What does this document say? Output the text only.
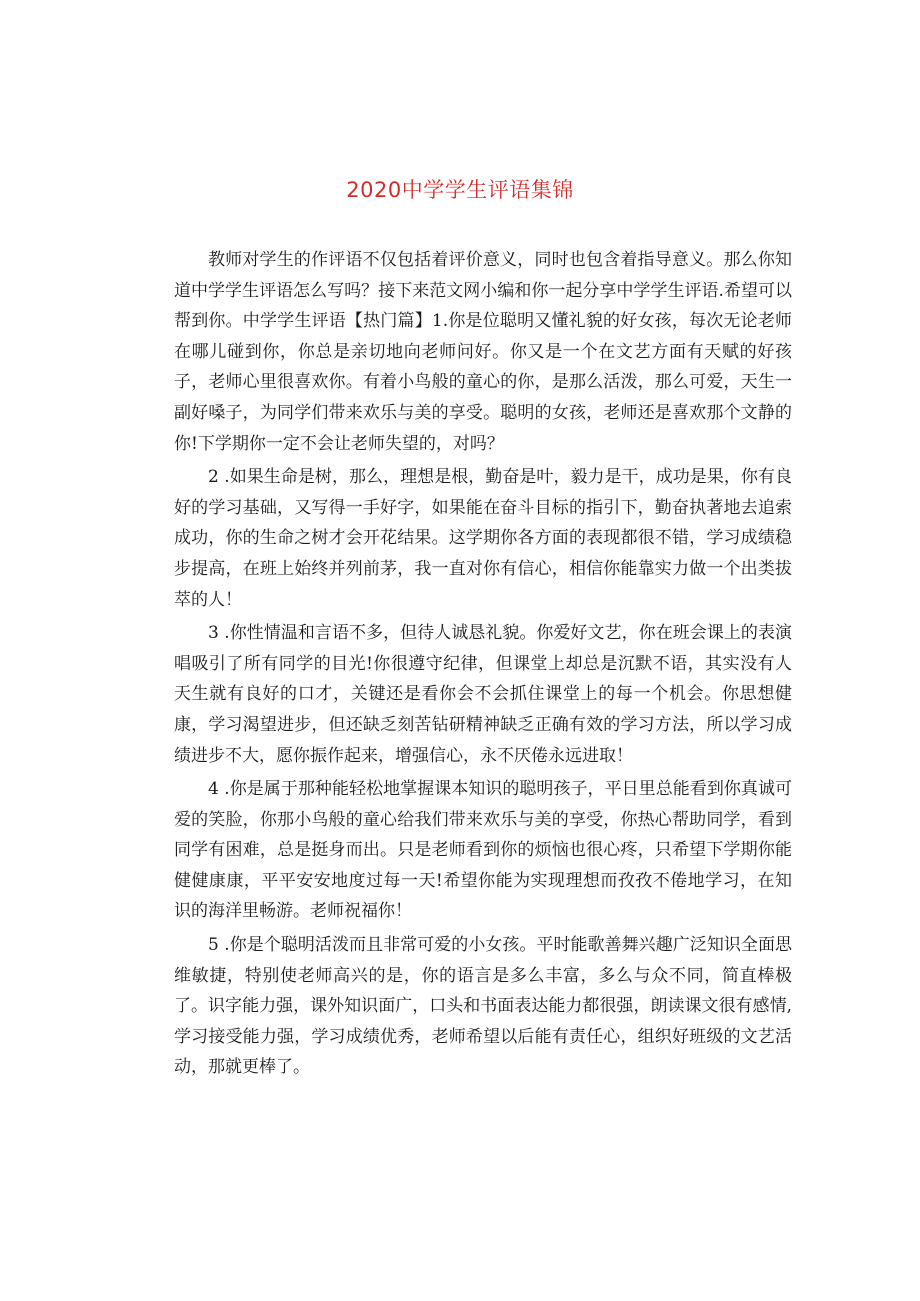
2020中学学生评语集锦

教师对学生的作评语不仅包括着评价意义，同时也包含着指导意义。那么你知道中学学生评语怎么写吗？接下来范文网小编和你一起分享中学学生评语.希望可以帮到你。中学学生评语【热门篇】1.你是位聪明又懂礼貌的好女孩，每次无论老师在哪儿碰到你，你总是亲切地向老师问好。你又是一个在文艺方面有天赋的好孩子，老师心里很喜欢你。有着小鸟般的童心的你，是那么活泼，那么可爱，天生一副好嗓子，为同学们带来欢乐与美的享受。聪明的女孩，老师还是喜欢那个文静的你!下学期你一定不会让老师失望的，对吗？

2 .如果生命是树，那么，理想是根，勤奋是叶，毅力是干，成功是果，你有良好的学习基础，又写得一手好字，如果能在奋斗目标的指引下，勤奋执著地去追索成功，你的生命之树才会开花结果。这学期你各方面的表现都很不错，学习成绩稳步提高，在班上始终并列前茅，我一直对你有信心，相信你能靠实力做一个出类拔萃的人！

3 .你性情温和言语不多，但待人诚恳礼貌。你爱好文艺，你在班会课上的表演唱吸引了所有同学的目光!你很遵守纪律，但课堂上却总是沉默不语，其实没有人天生就有良好的口才，关键还是看你会不会抓住课堂上的每一个机会。你思想健康，学习渴望进步，但还缺乏刻苦钻研精神缺乏正确有效的学习方法，所以学习成绩进步不大，愿你振作起来，增强信心，永不厌倦永远进取！

4 .你是属于那种能轻松地掌握课本知识的聪明孩子，平日里总能看到你真诚可爱的笑脸，你那小鸟般的童心给我们带来欢乐与美的享受，你热心帮助同学，看到同学有困难，总是挺身而出。只是老师看到你的烦恼也很心疼，只希望下学期你能健健康康，平平安安地度过每一天!希望你能为实现理想而孜孜不倦地学习，在知识的海洋里畅游。老师祝福你！

5 .你是个聪明活泼而且非常可爱的小女孩。平时能歌善舞兴趣广泛知识全面思维敏捷，特别使老师高兴的是，你的语言是多么丰富，多么与众不同，简直棒极了。识字能力强，课外知识面广，口头和书面表达能力都很强，朗读课文很有感情,学习接受能力强，学习成绩优秀，老师希望以后能有责任心，组织好班级的文艺活动，那就更棒了。
